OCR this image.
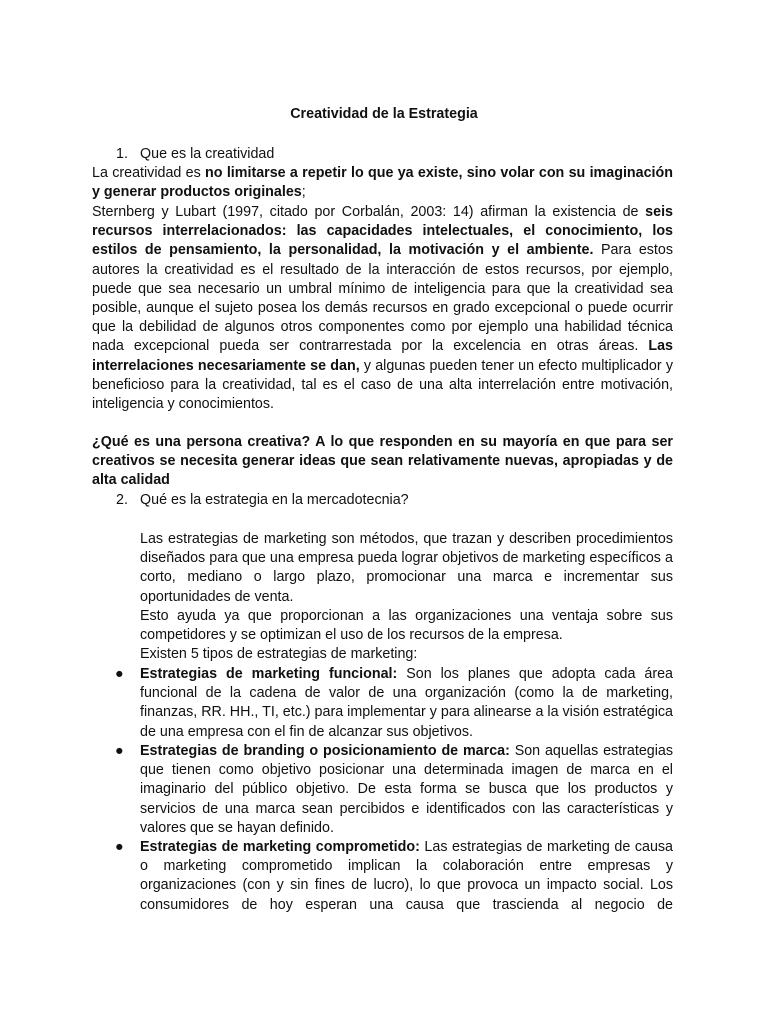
Creatividad de la Estrategia
1. Que es la creatividad

La creatividad es no limitarse a repetir lo que ya existe, sino volar con su imaginación y generar productos originales;

Sternberg y Lubart (1997, citado por Corbalán, 2003: 14) afirman la existencia de seis recursos interrelacionados: las capacidades intelectuales, el conocimiento, los estilos de pensamiento, la personalidad, la motivación y el ambiente. Para estos autores la creatividad es el resultado de la interacción de estos recursos, por ejemplo, puede que sea necesario un umbral mínimo de inteligencia para que la creatividad sea posible, aunque el sujeto posea los demás recursos en grado excepcional o puede ocurrir que la debilidad de algunos otros componentes como por ejemplo una habilidad técnica nada excepcional pueda ser contrarrestada por la excelencia en otras áreas. Las interrelaciones necesariamente se dan, y algunas pueden tener un efecto multiplicador y beneficioso para la creatividad, tal es el caso de una alta interrelación entre motivación, inteligencia y conocimientos.

¿Qué es una persona creativa? A lo que responden en su mayoría en que para ser creativos se necesita generar ideas que sean relativamente nuevas, apropiadas y de alta calidad

2. Qué es la estrategia en la mercadotecnia?

Las estrategias de marketing son métodos, que trazan y describen procedimientos diseñados para que una empresa pueda lograr objetivos de marketing específicos a corto, mediano o largo plazo, promocionar una marca e incrementar sus oportunidades de venta.

Esto ayuda ya que proporcionan a las organizaciones una ventaja sobre sus competidores y se optimizan el uso de los recursos de la empresa.

Existen 5 tipos de estrategias de marketing:

● Estrategias de marketing funcional: Son los planes que adopta cada área funcional de la cadena de valor de una organización (como la de marketing, finanzas, RR. HH., TI, etc.) para implementar y para alinearse a la visión estratégica de una empresa con el fin de alcanzar sus objetivos.

● Estrategias de branding o posicionamiento de marca: Son aquellas estrategias que tienen como objetivo posicionar una determinada imagen de marca en el imaginario del público objetivo. De esta forma se busca que los productos y servicios de una marca sean percibidos e identificados con las características y valores que se hayan definido.

● Estrategias de marketing comprometido: Las estrategias de marketing de causa o marketing comprometido implican la colaboración entre empresas y organizaciones (con y sin fines de lucro), lo que provoca un impacto social. Los consumidores de hoy esperan una causa que trascienda al negocio de
